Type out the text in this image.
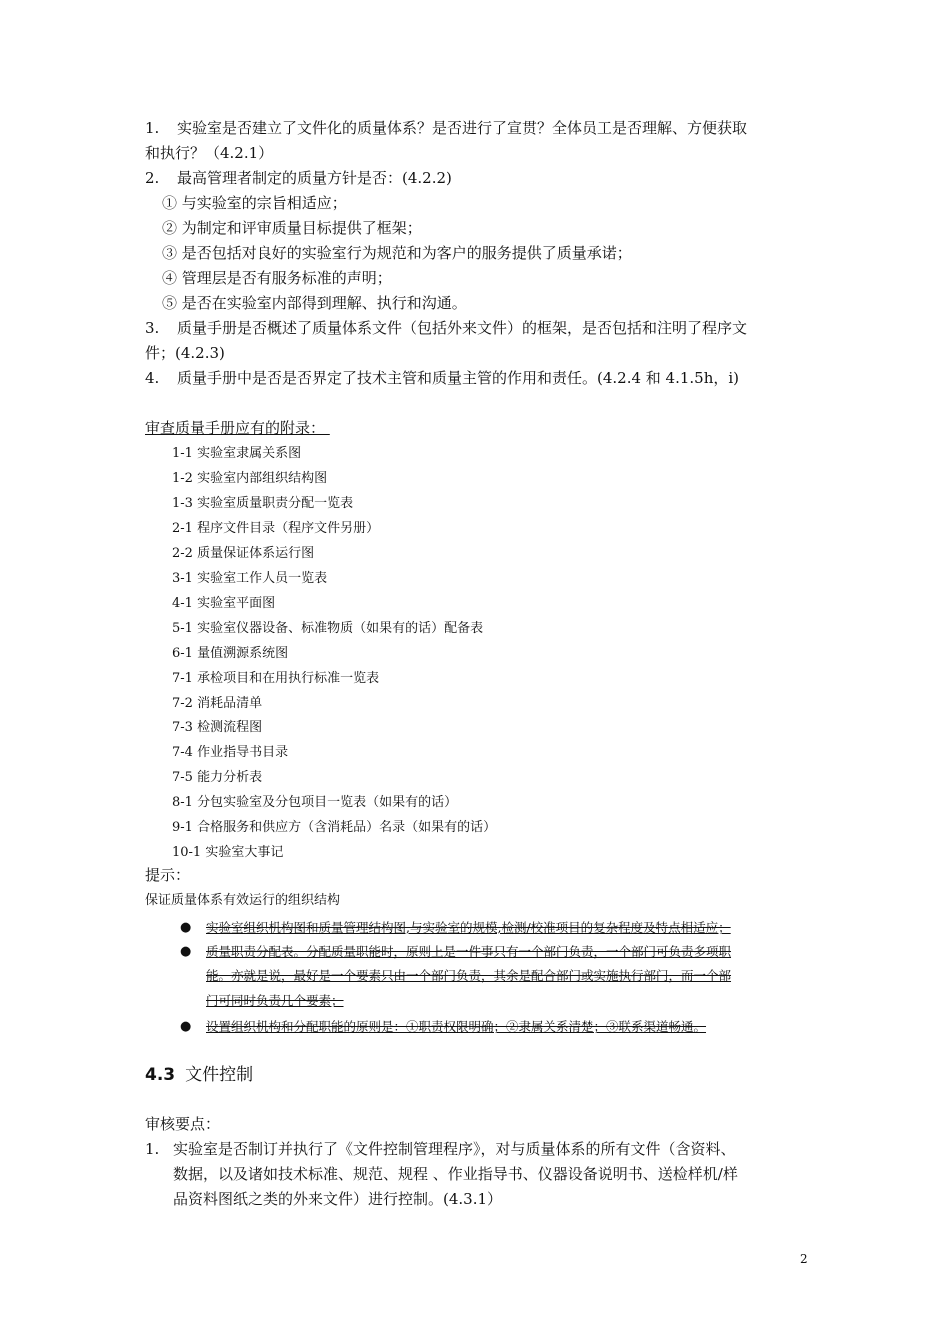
1. 实验室是否建立了文件化的质量体系？是否进行了宣贯？全体员工是否理解、方便获取
和执行？（4.2.1）
2. 最高管理者制定的质量方针是否：(4.2.2)
① 与实验室的宗旨相适应；
② 为制定和评审质量目标提供了框架；
③ 是否包括对良好的实验室行为规范和为客户的服务提供了质量承诺；
④ 管理层是否有服务标准的声明；
⑤ 是否在实验室内部得到理解、执行和沟通。
3. 质量手册是否概述了质量体系文件（包括外来文件）的框架，是否包括和注明了程序文
件；(4.2.3)
4. 质量手册中是否是否界定了技术主管和质量主管的作用和责任。(4.2.4 和 4.1.5h，i)
审查质量手册应有的附录：
1-1 实验室隶属关系图
1-2 实验室内部组织结构图
1-3 实验室质量职责分配一览表
2-1 程序文件目录（程序文件另册）
2-2 质量保证体系运行图
3-1 实验室工作人员一览表
4-1 实验室平面图
5-1 实验室仪器设备、标准物质（如果有的话）配备表
6-1 量值溯源系统图
7-1 承检项目和在用执行标准一览表
7-2 消耗品清单
7-3 检测流程图
7-4 作业指导书目录
7-5 能力分析表
8-1 分包实验室及分包项目一览表（如果有的话）
9-1 合格服务和供应方（含消耗品）名录（如果有的话）
10-1 实验室大事记
提示：
保证质量体系有效运行的组织结构
● 实验室组织机构图和质量管理结构图,与实验室的规模,检测/校准项目的复杂程度及特点相适应；
● 质量职责分配表。分配质量职能时，原则上是一件事只有一个部门负责，一个部门可负责多项职
能。亦就是说，最好是一个要素只由一个部门负责，其余是配合部门或实施执行部门，而一个部
门可同时负责几个要素；
● 设置组织机构和分配职能的原则是：①职责权限明确；②隶属关系清楚；③联系渠道畅通。
4.3 文件控制
审核要点：
1. 实验室是否制订并执行了《文件控制管理程序》，对与质量体系的所有文件（含资料、
数据，以及诸如技术标准、规范、规程 、作业指导书、仪器设备说明书、送检样机/样
品资料图纸之类的外来文件）进行控制。(4.3.1）
2
